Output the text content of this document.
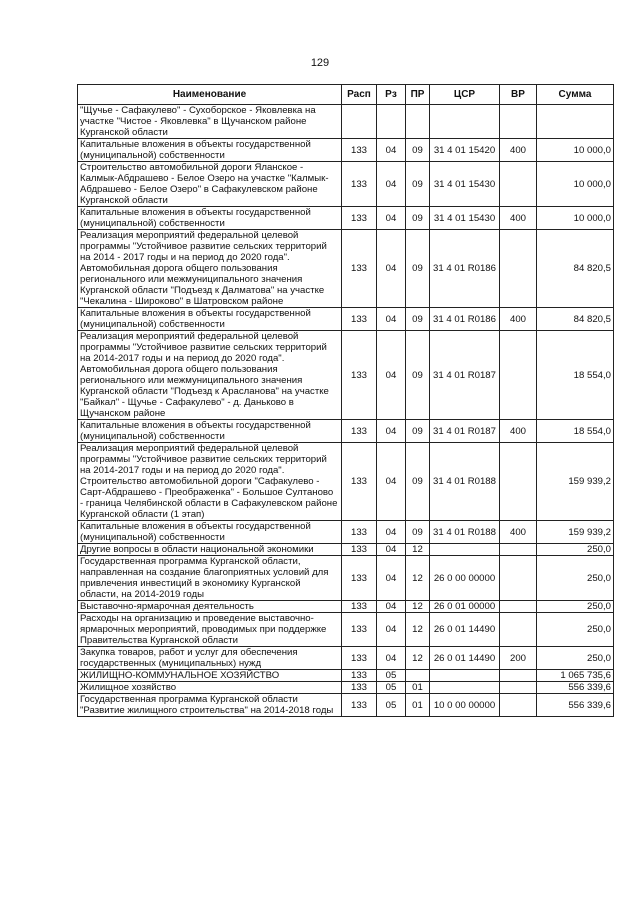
129
Наименование	Расп	Рз	ПР	ЦСР	ВР	Сумма
"Щучье - Сафакулево" - Сухоборское - Яковлевка на участке "Чистое - Яковлевка" в Щучанском районе Курганской области						
Капитальные вложения в объекты государственной (муниципальной) собственности	133	04	09	31 4 01 15420	400	10 000,0
Строительство автомобильной дороги Яланское - Калмык-Абдрашево - Белое Озеро на участке "Калмык-Абдрашево - Белое Озеро" в Сафакулевском районе Курганской области	133	04	09	31 4 01 15430		10 000,0
Капитальные вложения в объекты государственной (муниципальной) собственности	133	04	09	31 4 01 15430	400	10 000,0
Реализация мероприятий федеральной целевой программы "Устойчивое развитие сельских территорий на 2014 - 2017 годы и на период до 2020 года". Автомобильная дорога общего пользования регионального или межмуниципального значения Курганской области "Подъезд к Далматова" на участке "Чекалина - Широково" в Шатровском районе	133	04	09	31 4 01 R0186		84 820,5
Капитальные вложения в объекты государственной (муниципальной) собственности	133	04	09	31 4 01 R0186	400	84 820,5
Реализация мероприятий федеральной целевой программы "Устойчивое развитие сельских территорий на 2014-2017 годы и на период до 2020 года". Автомобильная дорога общего пользования регионального или межмуниципального значения Курганской области "Подъезд к Арасланова" на участке "Байкал" - Щучье - Сафакулево" - д. Данькoво в Щучанском районе	133	04	09	31 4 01 R0187		18 554,0
Капитальные вложения в объекты государственной (муниципальной) собственности	133	04	09	31 4 01 R0187	400	18 554,0
Реализация мероприятий федеральной целевой программы "Устойчивое развитие сельских территорий на 2014-2017 годы и на период до 2020 года". Строительство автомобильной дороги "Сафакулево - Сарт-Абдрашево - Преображенка" - Большое Султаново - граница Челябинской области в Сафакулевском районе Курганской области (1 этап)	133	04	09	31 4 01 R0188		159 939,2
Капитальные вложения в объекты государственной (муниципальной) собственности	133	04	09	31 4 01 R0188	400	159 939,2
Другие вопросы в области национальной экономики	133	04	12			250,0
Государственная программа Курганской области, направленная на создание благоприятных условий для привлечения инвестиций в экономику Курганской области, на 2014-2019 годы	133	04	12	26 0 00 00000		250,0
Выставочно-ярмарочная деятельность	133	04	12	26 0 01 00000		250,0
Расходы на организацию и проведение выставочно-ярмарочных мероприятий, проводимых при поддержке Правительства Курганской области	133	04	12	26 0 01 14490		250,0
Закупка товаров, работ и услуг для обеспечения государственных (муниципальных) нужд	133	04	12	26 0 01 14490	200	250,0
ЖИЛИЩНО-КОММУНАЛЬНОЕ ХОЗЯЙСТВО	133	05				1 065 735,6
Жилищное хозяйство	133	05	01			556 339,6
Государственная программа Курганской области "Развитие жилищного строительства" на 2014-2018 годы	133	05	01	10 0 00 00000		556 339,6
